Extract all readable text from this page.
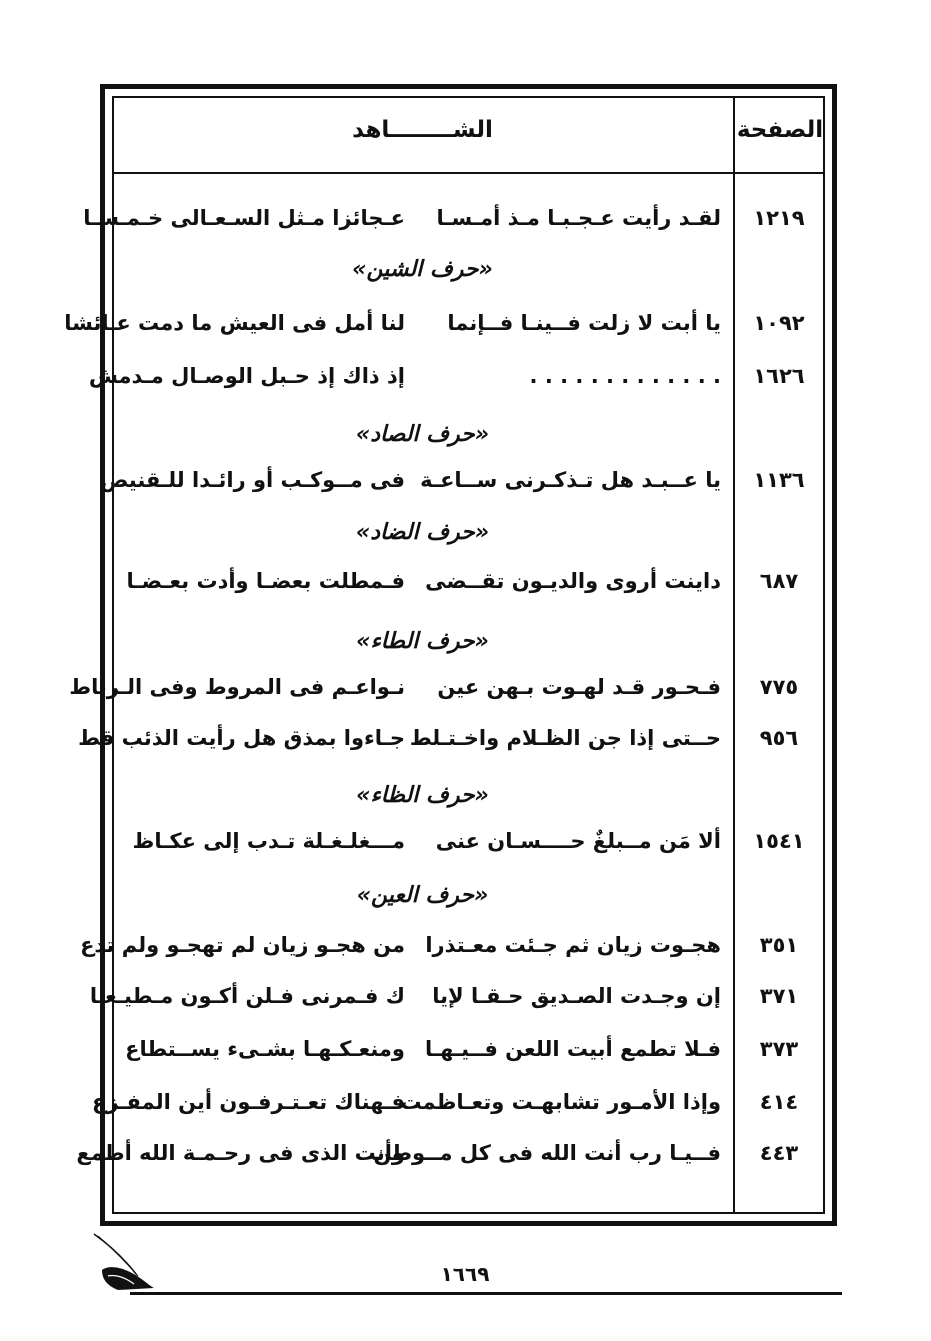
الصفحة
الشــــــــاهد
١٢١٩
لقـد رأيت عـجـبـا مـذ أمـسـا
عـجائزا مـثل السـعـالى خـمـسـا
«حرف الشين»
١٠٩٢
يا أبت لا زلت فــينـا فــإنما
لنا أمل فى العيش ما دمت عـائشا
١٦٢٦
. . . . . . . . . . . . .
إذ ذاك إذ حـبل الوصـال مـدمش
«حرف الصاد»
١١٣٦
يا عــبـد هل تـذكـرنى ســاعـة
فى مــوكـب أو رائـدا للـقنيص
«حرف الضاد»
٦٨٧
داينت أروى والديـون تقــضى
فـمطلت بعضـا وأدت بعـضـا
«حرف الطاء»
٧٧٥
فـحـور قـد لهـوت بـهن عين
نـواعـم فى المروط وفى الـرياط
٩٥٦
حــتى إذا جن الظـلام واخـتـلط
جـاءوا بمذق هل رأيت الذئب قط
«حرف الظاء»
١٥٤١
ألا مَن مــبلغٌ حــــسـان عنى
مـــغلـغـلة تـدب إلى عكـاظ
«حرف العين»
٣٥١
هجـوت زيان ثم جـئت معـتذرا
من هجـو زيان لم تهجـو ولم تدع
٣٧١
إن وجـدت الصـديق حـقـا لإيا
ك فـمرنى فـلن أكـون مـطيـعـا
٣٧٣
فـلا تطمع أبيت اللعن فــيـهـا
ومنعـكـهـا بشـىء يســتطاع
٤١٤
وإذا الأمـور تشابهـت وتعـاظمت
فـهناك تعـتـرفـون أين المفـزع
٤٤٣
فــيـا رب أنت الله فى كل مــوطن
وأنت الذى فى رحـمـة الله أطمع
١٦٦٩
